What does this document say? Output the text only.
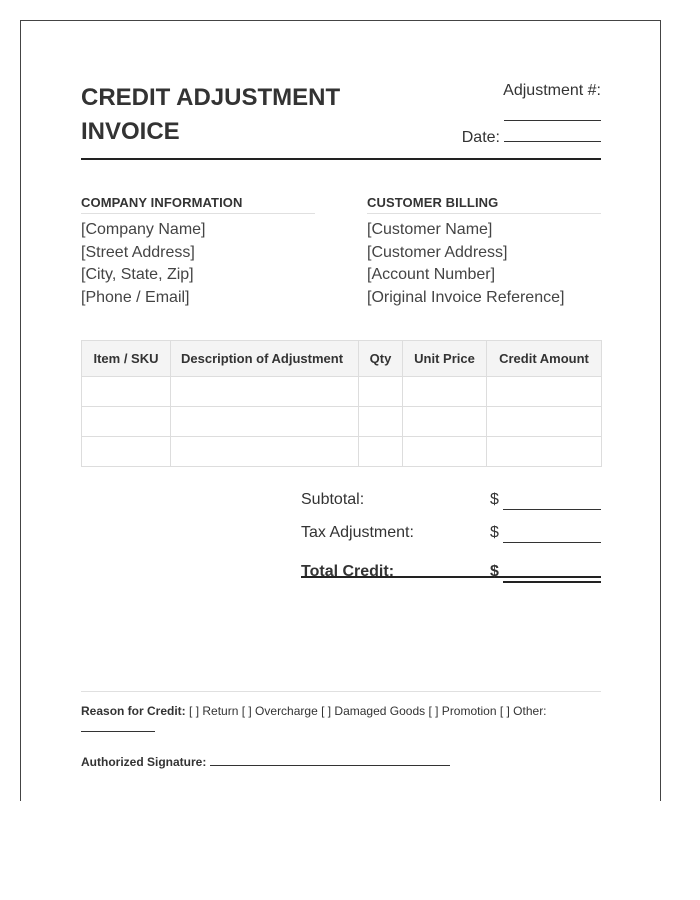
CREDIT ADJUSTMENT
INVOICE
Adjustment #:
Date:
COMPANY INFORMATION
[Company Name]
[Street Address]
[City, State, Zip]
[Phone / Email]
CUSTOMER BILLING
[Customer Name]
[Customer Address]
[Account Number]
[Original Invoice Reference]
Item / SKU	Description of Adjustment	Qty	Unit Price	Credit Amount

Subtotal:	$
Tax Adjustment:	$
Total Credit:	$
Reason for Credit: [ ] Return [ ] Overcharge [ ] Damaged Goods [ ] Promotion [ ] Other:
Authorized Signature:
